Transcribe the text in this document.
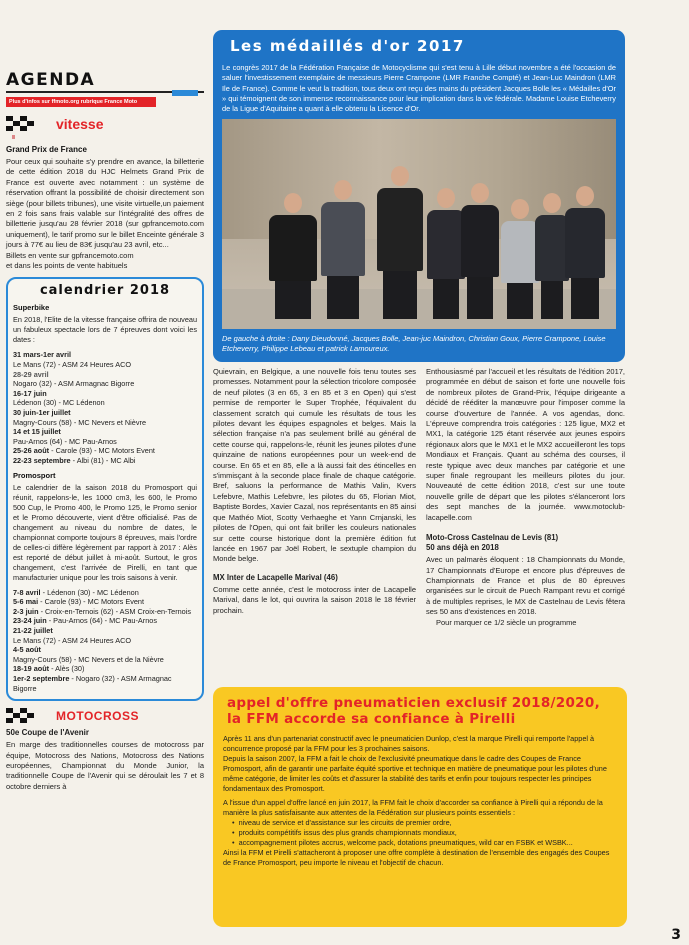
AGENDA
Plus d'infos sur ffmoto.org rubrique France Moto
vitesse
Grand Prix de France
Pour ceux qui souhaite s'y prendre en avance, la billetterie de cette édition 2018 du HJC Helmets Grand Prix de France est ouverte avec notamment : un système de réservation offrant la possibilité de choisir directement son siège (pour billets tribunes), une visite virtuelle,un paiement en 2 fois sans frais valable sur l'intégralité des offres de billetterie jusqu'au 28 février 2018 (sur gpfrancemoto.com uniquement), le tarif promo sur le billet Enceinte générale 3 jours à 77€ au lieu de 83€ jusqu'au 23 avril, etc...
Billets en vente sur gpfrancemoto.com
et dans les points de vente habituels
calendrier 2018
Superbike
En 2018, l'Elite de la vitesse française offrira de nouveau un fabuleux spectacle lors de 7 épreuves dont voici les dates :
31 mars-1er avril
Le Mans (72) - ASM 24 Heures ACO
28-29 avril
Nogaro (32) - ASM Armagnac Bigorre
16-17 juin
Lédenon (30) - MC Lédenon
30 juin-1er juillet
Magny-Cours (58) - MC Nevers et Nièvre
14 et 15 juillet
Pau-Arnos (64) - MC Pau-Arnos
25-26 août - Carole (93) - MC Motors Event
22-23 septembre - Albi (81) - MC Albi
Promosport
Le calendrier de la saison 2018 du Promosport qui réunit, rappelons-le, les 1000 cm3, les 600, le Promo 500 Cup, le Promo 400, le Promo 125, le Promo senior et le Promo découverte, vient d'être officialisé. Pas de changement au niveau du nombre de dates, le championnat comporte toujours 8 épreuves, mais l'ordre de celles-ci diffère légèrement par rapport à 2017 : Alès est reporté de début juillet à mi-août. Surtout, le gros changement, c'est l'arrivée de Pirelli, en tant que manufacturier unique pour les trois saisons à venir.
7-8 avril - Lédenon (30) - MC Lédenon
5-6 mai - Carole (93) - MC Motors Event
2-3 juin - Croix-en-Ternois (62) - ASM Croix-en-Ternois
23-24 juin - Pau-Arnos (64) - MC Pau-Arnos
21-22 juillet
Le Mans (72) - ASM 24 Heures ACO
4-5 août
Magny-Cours (58) - MC Nevers et de la Nièvre
18-19 août - Alès (30)
1er-2 septembre - Nogaro (32) - ASM Armagnac Bigorre
MOTOCROSS
50e Coupe de l'Avenir
En marge des traditionnelles courses de motocross par équipe, Motocross des Nations, Motocross des Nations européennes, Championnat du Monde Junior, la traditionnelle Coupe de l'Avenir qui se déroulait les 7 et 8 octobre derniers à
Les médaillés d'or 2017
Le congrès 2017 de la Fédération Française de Motocyclisme qui s'est tenu à Lille début novembre a été l'occasion de saluer l'investissement exemplaire de messieurs Pierre Crampone (LMR Franche Compté) et Jean-Luc Maindron (LMR Ile de France). Comme le veut la tradition, tous deux ont reçu des mains du président Jacques Bolle les « Médailles d'Or » qui témoignent de son immense reconnaissance pour leur implication dans la vie fédérale. Madame Louise Etcheverry de la Ligue d'Aquitaine a quant à elle obtenu la Licence d'Or.
De gauche à droite : Dany Dieudonné, Jacques Bolle, Jean-juc Maindron, Christian Goux, Pierre Crampone, Louise Etcheverry, Philippe Lebeau et patrick Lamoureux.
Quievrain, en Belgique, a une nouvelle fois tenu toutes ses promesses. Notamment pour la sélection tricolore composée de neuf pilotes (3 en 65, 3 en 85 et 3 en Open) qui s'est permise de remporter le Super Trophée, l'équivalent du classement scratch qui cumule les résultats de tous les pilotes devant les équipes espagnoles et belges. Mais la sélection française n'a pas seulement brillé au général de cette course qui, rappelons-le, réunit les jeunes pilotes d'une quinzaine de nations européennes pour un week-end de course. En 65 et en 85, elle a là aussi fait des étincelles en s'immisçant à la seconde place finale de chaque catégorie. Bref, saluons la performance de Mathis Valin, Kvers Lefebvre, Mathis Lefebvre, les pilotes du 65, Florian Miot, Baptiste Bordes, Xavier Cazal, nos représentants en 85 ainsi que Mathéo Miot, Scotty Verhaeghe et Yann Crnjanski, les pilotes de l'Open, qui ont fait briller les couleurs nationales sur cette course historique dont la première édition fut lancée en 1967 par Joël Robert, le sextuple champion du Monde belge.
MX Inter de Lacapelle Marival (46)
Comme cette année, c'est le motocross inter de Lacapelle Marival, dans le lot, qui ouvrira la saison 2018 le 18 février prochain.
Enthousiasmé par l'accueil et les résultats de l'édition 2017, programmée en début de saison et forte une nouvelle fois de nombreux pilotes de Grand-Prix, l'équipe dirigeante a décidé de rééditer la manœuvre pour l'imposer comme la course d'ouverture de l'année. A vos agendas, donc. L'épreuve comprendra trois catégories : 125 ligue, MX2 et MX1, la catégorie 125 étant réservée aux jeunes espoirs régionaux alors que le MX1 et le MX2 accueilleront les tops Mondiaux et Français. Quant au schéma des courses, il reste typique avec deux manches par catégorie et une super finale regroupant les meilleurs pilotes du jour. Nouveauté de cette édition 2018, c'est sur une toute nouvelle grille de départ que les pilotes s'élanceront lors des sept manches de la journée. www.motoclub-lacapelle.com
Moto-Cross Castelnau de Levis (81)
50 ans déjà en 2018
Avec un palmarès éloquent : 18 Championnats du Monde, 17 Championnats d'Europe et encore plus d'épreuves de Championnats de France et plus de 80 épreuves organisées sur le circuit de Puech Rampant revu et corrigé à de multiples reprises, le MX de Castelnau de Levis fêtera ses 50 ans d'existences en 2018.
Pour marquer ce 1/2 siècle un programme
appel d'offre pneumaticien exclusif 2018/2020, la FFM accorde sa confiance à Pirelli
Après 11 ans d'un partenariat constructif avec le pneumaticien Dunlop, c'est la marque Pirelli qui remporte l'appel à concurrence proposé par la FFM pour les 3 prochaines saisons.
Depuis la saison 2007, la FFM a fait le choix de l'exclusivité pneumatique dans le cadre des Coupes de France Promosport, afin de garantir une parfaite équité sportive et technique en matière de pneumatique pour les pilotes d'une même catégorie, de limiter les coûts et d'assurer la stabilité des tarifs et enfin pour toujours respecter les principes fondamentaux des Promosport.
A l'issue d'un appel d'offre lancé en juin 2017, la FFM fait le choix d'accorder sa confiance à Pirelli qui a répondu de la manière la plus satisfaisante aux attentes de la Fédération sur plusieurs points essentiels :
• niveau de service et d'assistance sur les circuits de premier ordre,
• produits compétitifs issus des plus grands championnats mondiaux,
• accompagnement pilotes accrus, welcome pack, dotations pneumatiques, wild car en FSBK et WSBK...
Ainsi la FFM et Pirelli s'attacheront à proposer une offre complète à destination de l'ensemble des engagés des Coupes de France Promosport, peu importe le niveau et l'objectif de chacun.
3
